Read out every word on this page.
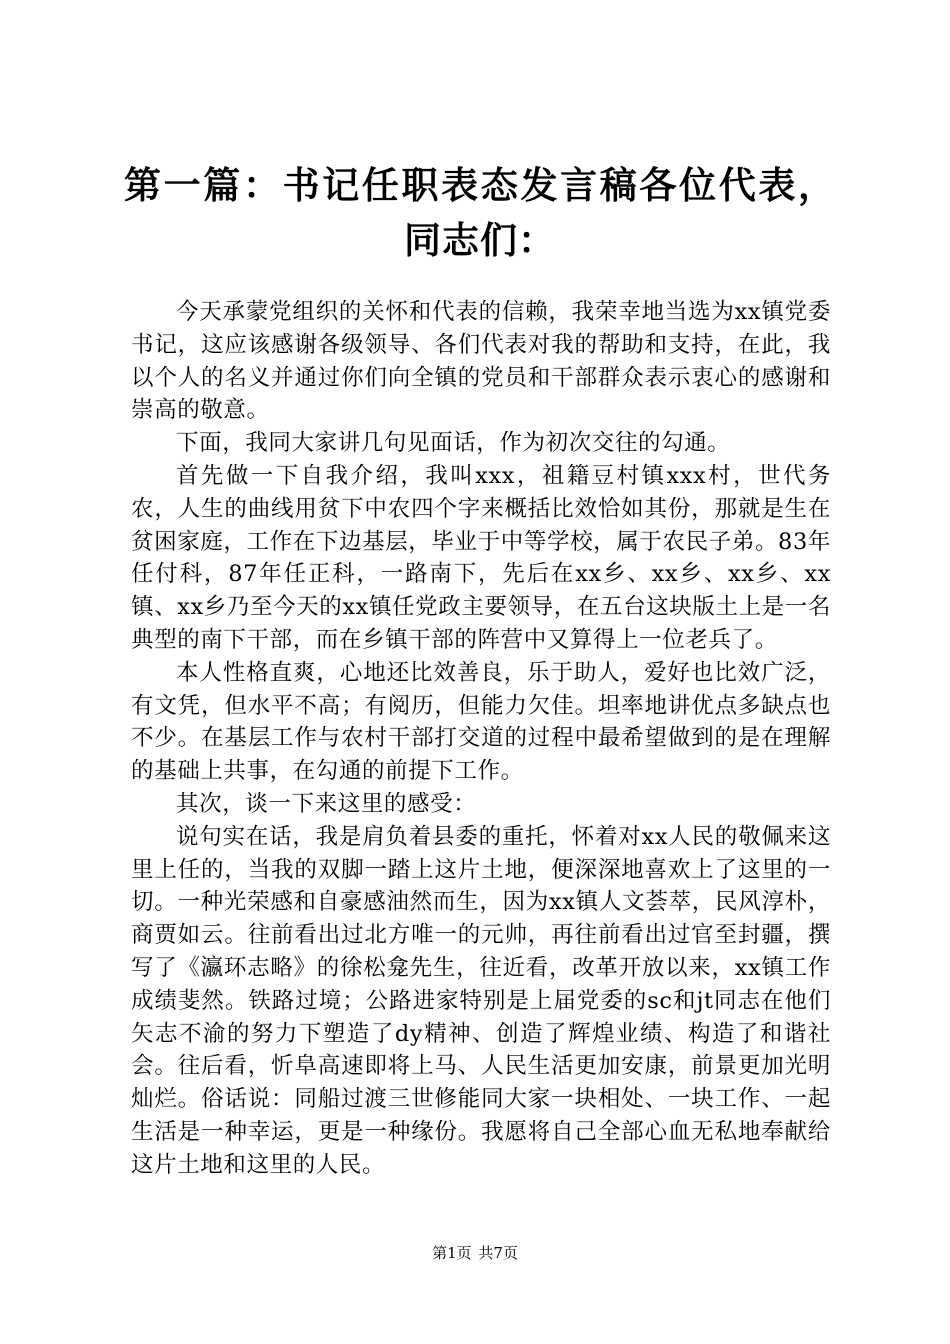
第一篇：书记任职表态发言稿各位代表，同志们：

今天承蒙党组织的关怀和代表的信赖，我荣幸地当选为xx镇党委书记，这应该感谢各级领导、各们代表对我的帮助和支持，在此，我以个人的名义并通过你们向全镇的党员和干部群众表示衷心的感谢和崇高的敬意。

下面，我同大家讲几句见面话，作为初次交往的勾通。

首先做一下自我介绍，我叫xxx，祖籍豆村镇xxx村，世代务农，人生的曲线用贫下中农四个字来概括比效恰如其份，那就是生在贫困家庭，工作在下边基层，毕业于中等学校，属于农民子弟。83年任付科，87年任正科，一路南下，先后在xx乡、xx乡、xx乡、xx镇、xx乡乃至今天的xx镇任党政主要领导，在五台这块版土上是一名典型的南下干部，而在乡镇干部的阵营中又算得上一位老兵了。

本人性格直爽，心地还比效善良，乐于助人，爱好也比效广泛，有文凭，但水平不高；有阅历，但能力欠佳。坦率地讲优点多缺点也不少。在基层工作与农村干部打交道的过程中最希望做到的是在理解的基础上共事，在勾通的前提下工作。

其次，谈一下来这里的感受：

说句实在话，我是肩负着县委的重托，怀着对xx人民的敬佩来这里上任的，当我的双脚一踏上这片土地，便深深地喜欢上了这里的一切。一种光荣感和自豪感油然而生，因为xx镇人文荟萃，民风淳朴，商贾如云。往前看出过北方唯一的元帅，再往前看出过官至封疆，撰写了《瀛环志略》的徐松龛先生，往近看，改革开放以来，xx镇工作成绩斐然。铁路过境；公路进家特别是上届党委的sc和jt同志在他们矢志不渝的努力下塑造了dy精神、创造了辉煌业绩、构造了和谐社会。往后看，忻阜高速即将上马、人民生活更加安康，前景更加光明灿烂。俗话说：同船过渡三世修能同大家一块相处、一块工作、一起生活是一种幸运，更是一种缘份。我愿将自己全部心血无私地奉献给这片土地和这里的人民。

第1页 共7页
